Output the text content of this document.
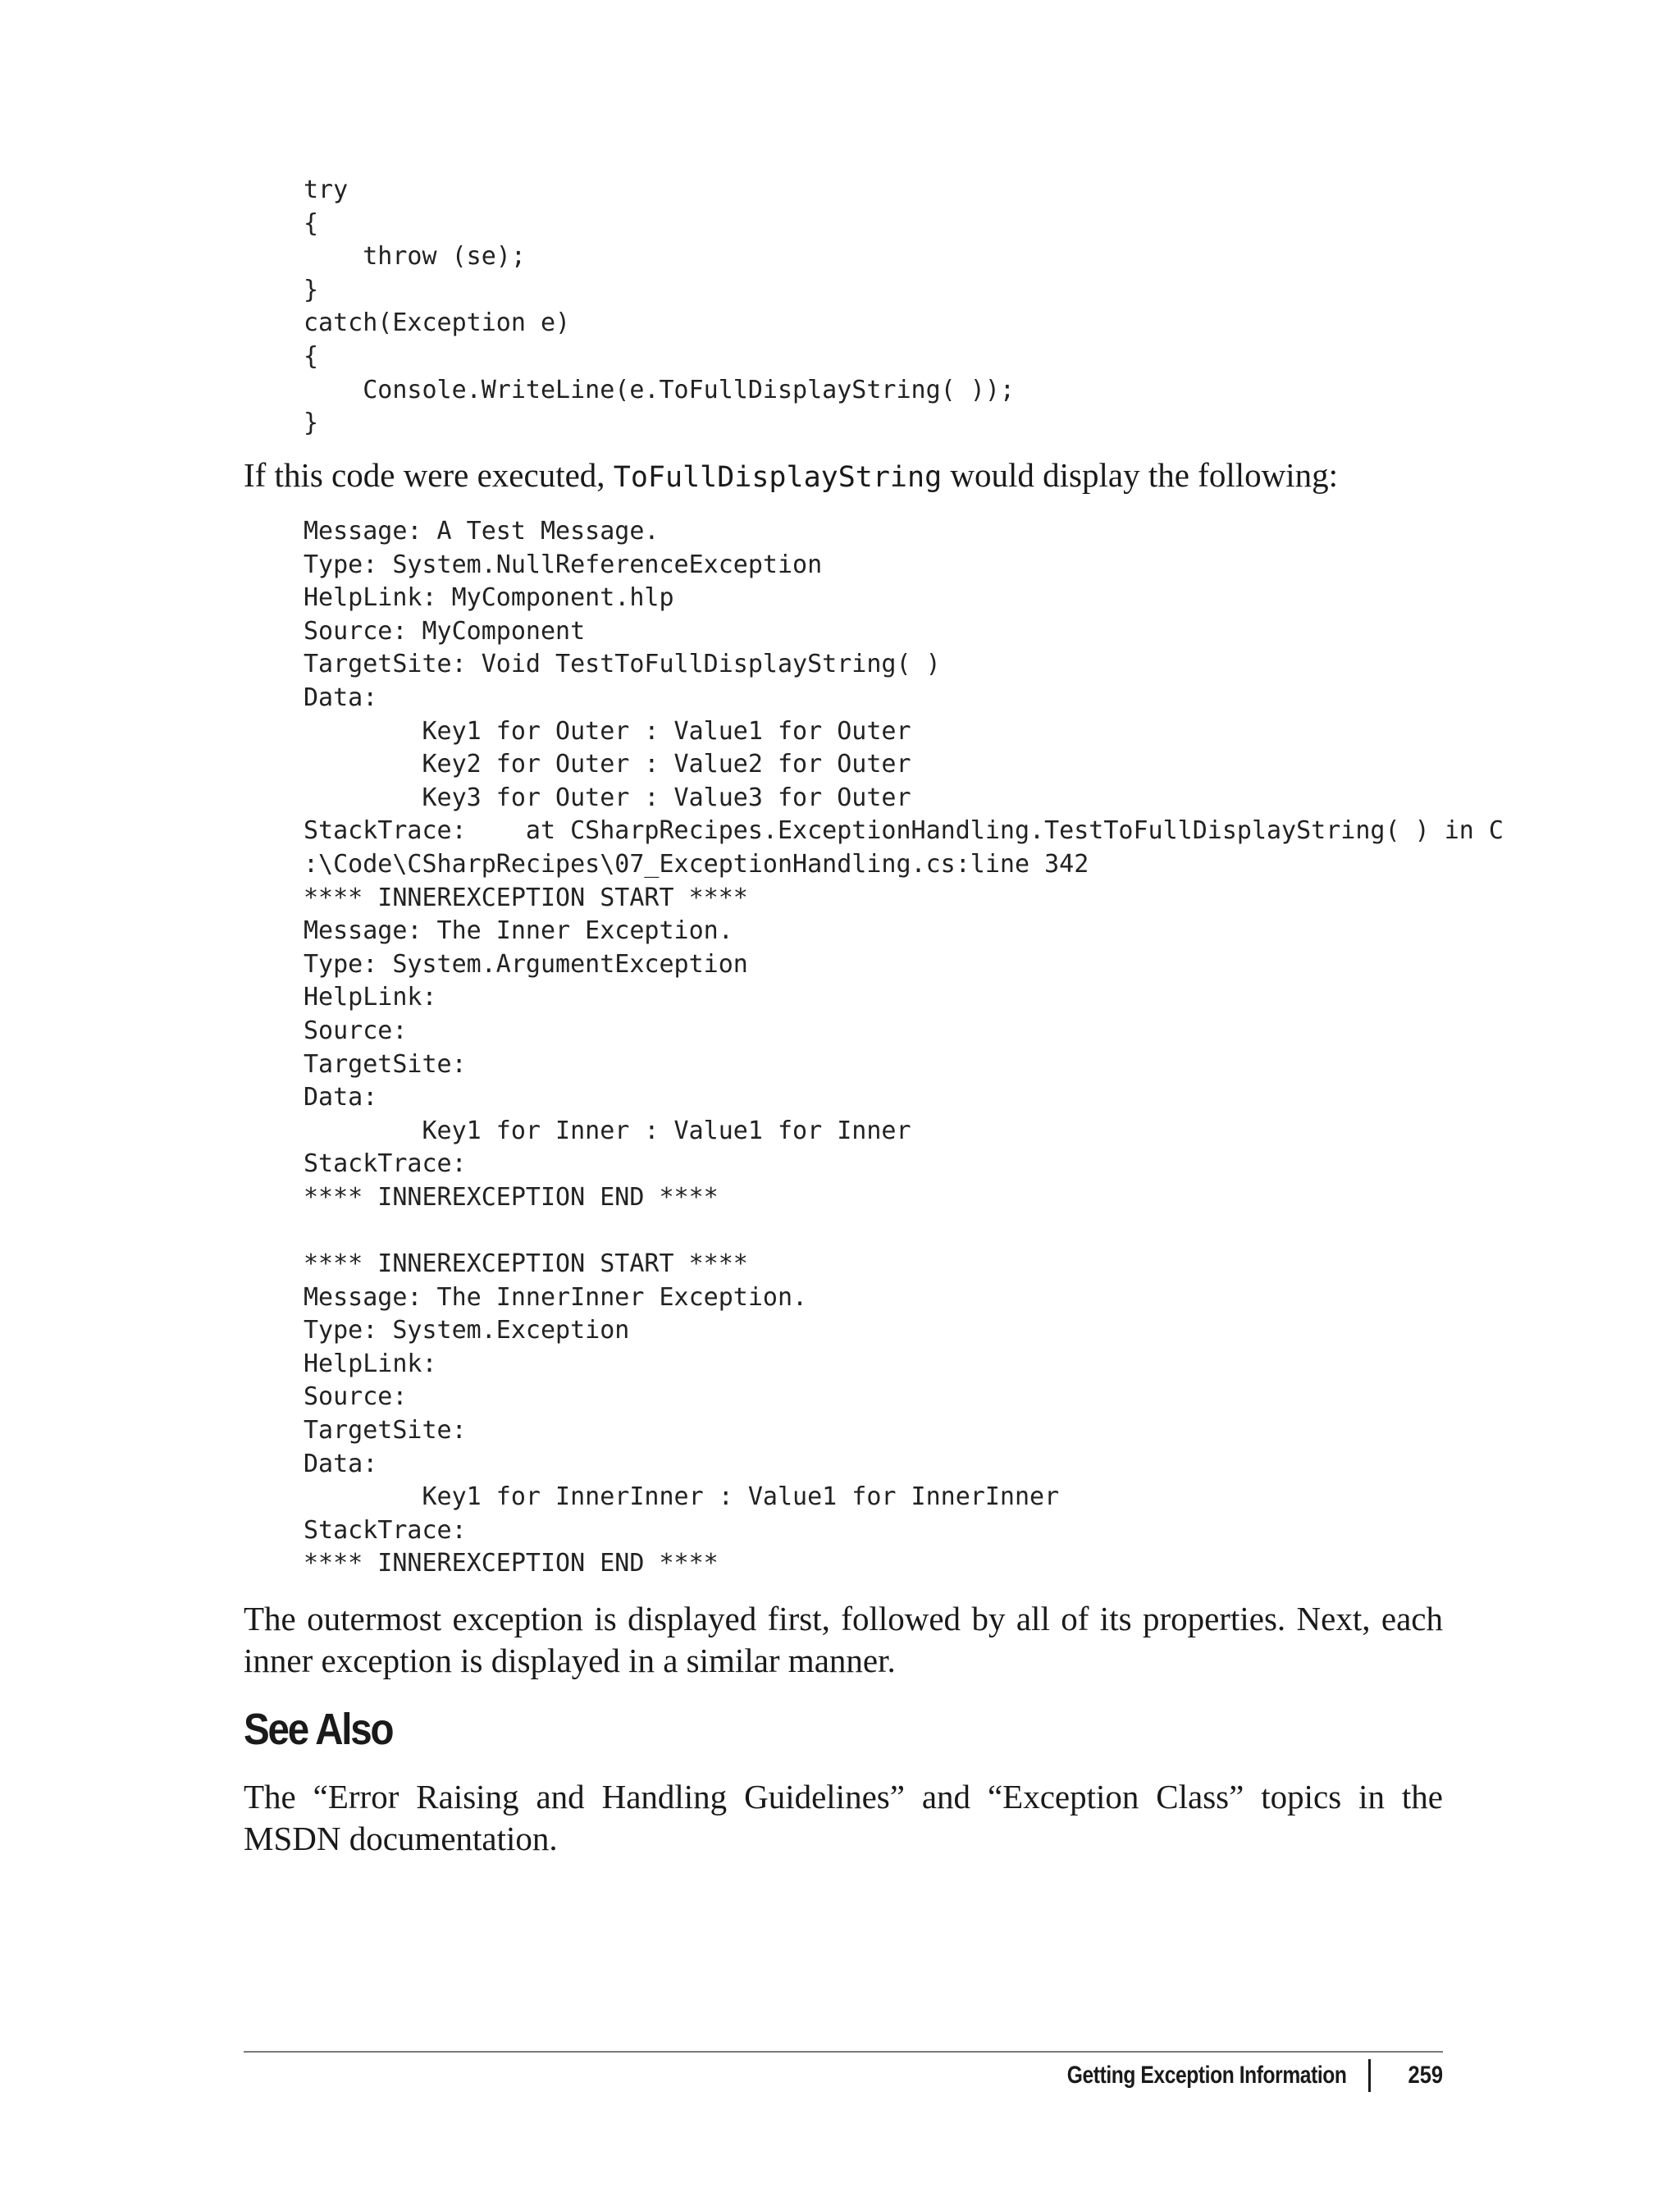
try
{
throw (se);
}
catch(Exception e)
{
Console.WriteLine(e.ToFullDisplayString( ));
}

If this code were executed, ToFullDisplayString would display the following:

Message: A Test Message.
Type: System.NullReferenceException
HelpLink: MyComponent.hlp
Source: MyComponent
TargetSite: Void TestToFullDisplayString( )
Data:
Key1 for Outer : Value1 for Outer
Key2 for Outer : Value2 for Outer
Key3 for Outer : Value3 for Outer
StackTrace:    at CSharpRecipes.ExceptionHandling.TestToFullDisplayString( ) in C
:\Code\CSharpRecipes\07_ExceptionHandling.cs:line 342
**** INNEREXCEPTION START ****
Message: The Inner Exception.
Type: System.ArgumentException
HelpLink:
Source:
TargetSite:
Data:
Key1 for Inner : Value1 for Inner
StackTrace:
**** INNEREXCEPTION END ****

**** INNEREXCEPTION START ****
Message: The InnerInner Exception.
Type: System.Exception
HelpLink:
Source:
TargetSite:
Data:
Key1 for InnerInner : Value1 for InnerInner
StackTrace:
**** INNEREXCEPTION END ****

The outermost exception is displayed first, followed by all of its properties. Next, each inner exception is displayed in a similar manner.

See Also

The “Error Raising and Handling Guidelines” and “Exception Class” topics in the MSDN documentation.

Getting Exception Information 259
